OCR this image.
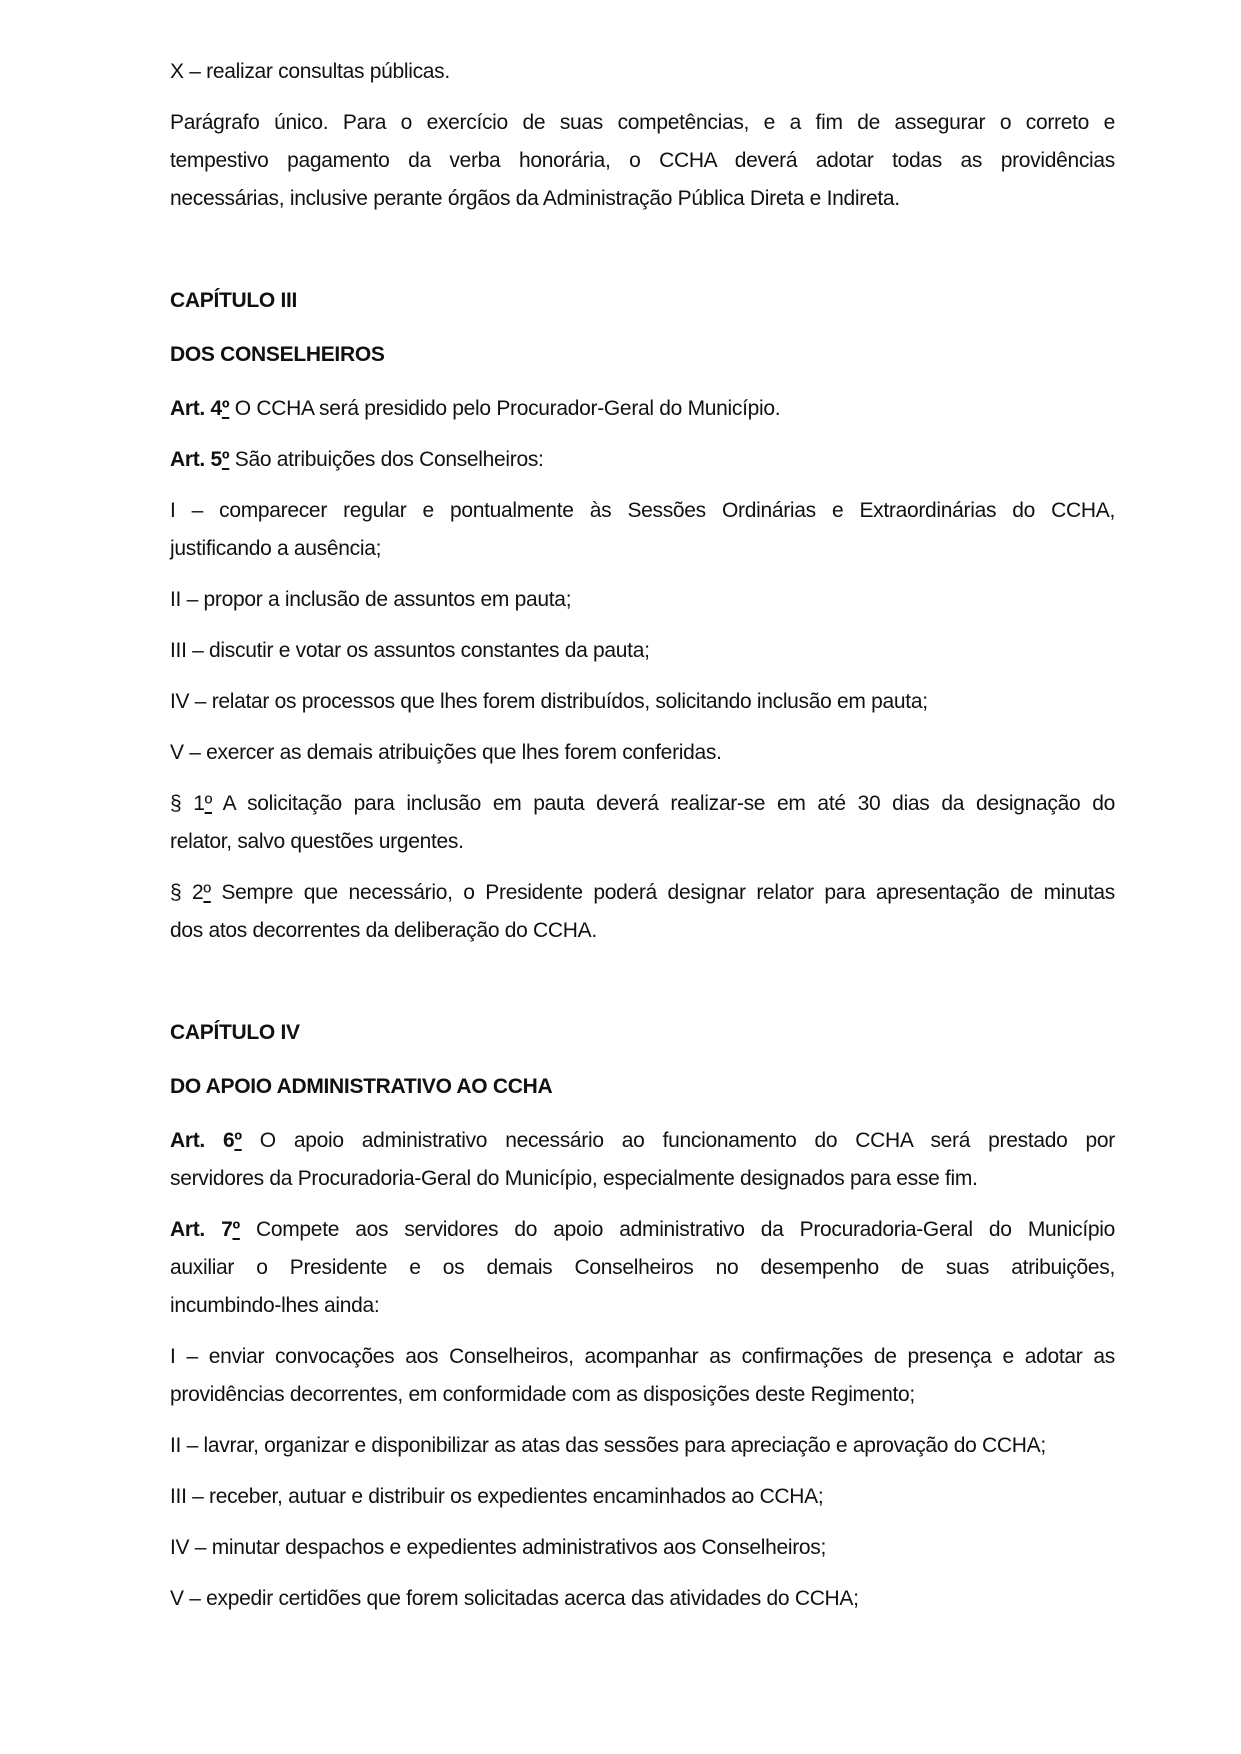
X – realizar consultas públicas.

Parágrafo único. Para o exercício de suas competências, e a fim de assegurar o correto e
tempestivo pagamento da verba honorária, o CCHA deverá adotar todas as providências
necessárias, inclusive perante órgãos da Administração Pública Direta e Indireta.

CAPÍTULO III
DOS CONSELHEIROS

Art. 4º O CCHA será presidido pelo Procurador-Geral do Município.

Art. 5º São atribuições dos Conselheiros:

I – comparecer regular e pontualmente às Sessões Ordinárias e Extraordinárias do CCHA,
justificando a ausência;

II – propor a inclusão de assuntos em pauta;

III – discutir e votar os assuntos constantes da pauta;

IV – relatar os processos que lhes forem distribuídos, solicitando inclusão em pauta;

V – exercer as demais atribuições que lhes forem conferidas.

§ 1º A solicitação para inclusão em pauta deverá realizar-se em até 30 dias da designação do
relator, salvo questões urgentes.

§ 2º Sempre que necessário, o Presidente poderá designar relator para apresentação de minutas
dos atos decorrentes da deliberação do CCHA.

CAPÍTULO IV
DO APOIO ADMINISTRATIVO AO CCHA

Art. 6º O apoio administrativo necessário ao funcionamento do CCHA será prestado por
servidores da Procuradoria-Geral do Município, especialmente designados para esse fim.

Art. 7º Compete aos servidores do apoio administrativo da Procuradoria-Geral do Município
auxiliar o Presidente e os demais Conselheiros no desempenho de suas atribuições,
incumbindo-lhes ainda:

I – enviar convocações aos Conselheiros, acompanhar as confirmações de presença e adotar as
providências decorrentes, em conformidade com as disposições deste Regimento;

II – lavrar, organizar e disponibilizar as atas das sessões para apreciação e aprovação do CCHA;

III – receber, autuar e distribuir os expedientes encaminhados ao CCHA;

IV – minutar despachos e expedientes administrativos aos Conselheiros;

V – expedir certidões que forem solicitadas acerca das atividades do CCHA;
